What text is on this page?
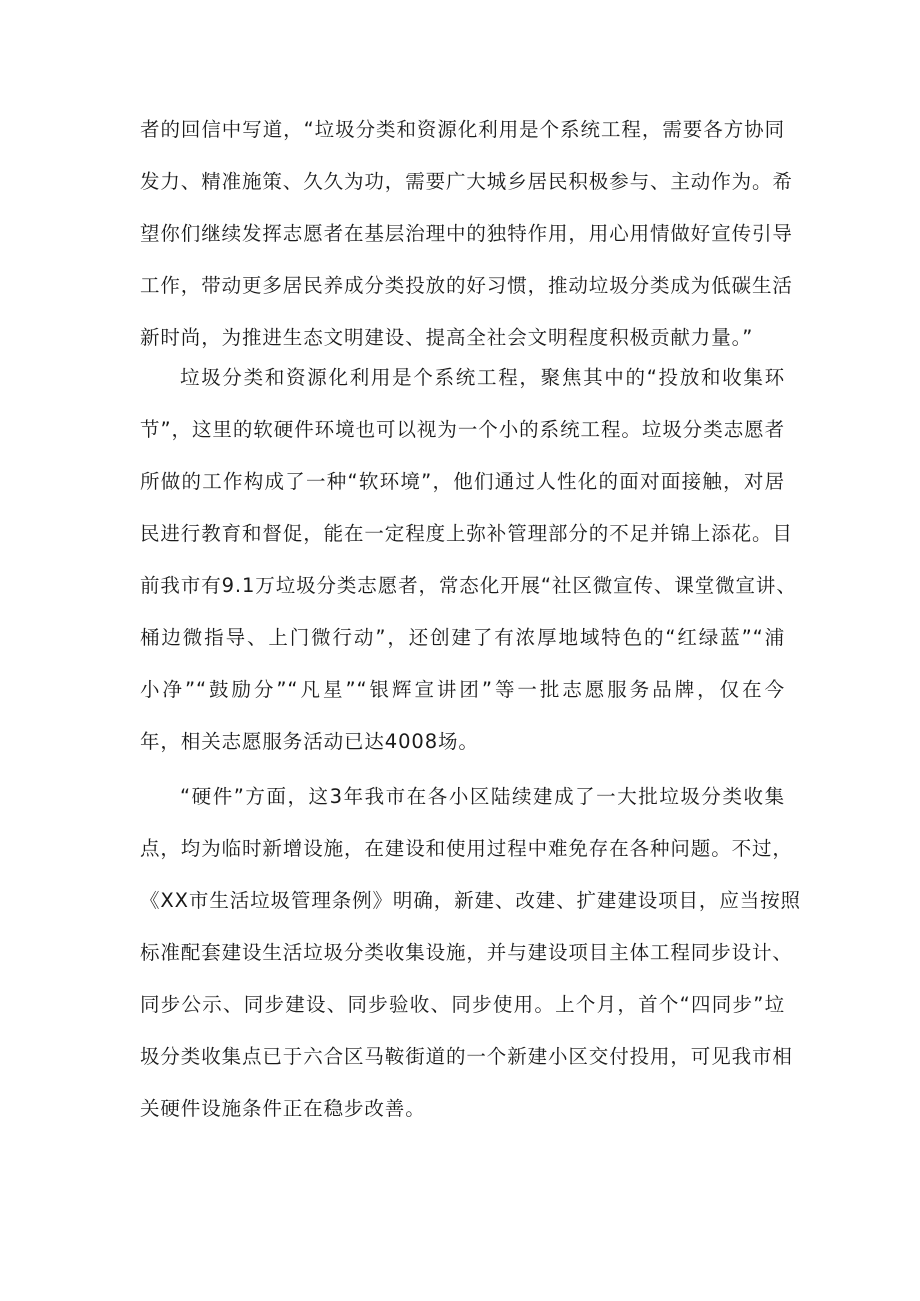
者的回信中写道，“垃圾分类和资源化利用是个系统工程，需要各方协同
发力、精准施策、久久为功，需要广大城乡居民积极参与、主动作为。希
望你们继续发挥志愿者在基层治理中的独特作用，用心用情做好宣传引导
工作，带动更多居民养成分类投放的好习惯，推动垃圾分类成为低碳生活
新时尚，为推进生态文明建设、提高全社会文明程度积极贡献力量。”
垃圾分类和资源化利用是个系统工程，聚焦其中的“投放和收集环
节”，这里的软硬件环境也可以视为一个小的系统工程。垃圾分类志愿者
所做的工作构成了一种“软环境”，他们通过人性化的面对面接触，对居
民进行教育和督促，能在一定程度上弥补管理部分的不足并锦上添花。目
前我市有9.1万垃圾分类志愿者，常态化开展“社区微宣传、课堂微宣讲、
桶边微指导、上门微行动”，还创建了有浓厚地域特色的“红绿蓝”“浦
小净”“鼓励分”“凡星”“银辉宣讲团”等一批志愿服务品牌，仅在今
年，相关志愿服务活动已达4008场。
“硬件”方面，这3年我市在各小区陆续建成了一大批垃圾分类收集
点，均为临时新增设施，在建设和使用过程中难免存在各种问题。不过，
《XX市生活垃圾管理条例》明确，新建、改建、扩建建设项目，应当按照
标准配套建设生活垃圾分类收集设施，并与建设项目主体工程同步设计、
同步公示、同步建设、同步验收、同步使用。上个月，首个“四同步”垃
圾分类收集点已于六合区马鞍街道的一个新建小区交付投用，可见我市相
关硬件设施条件正在稳步改善。
